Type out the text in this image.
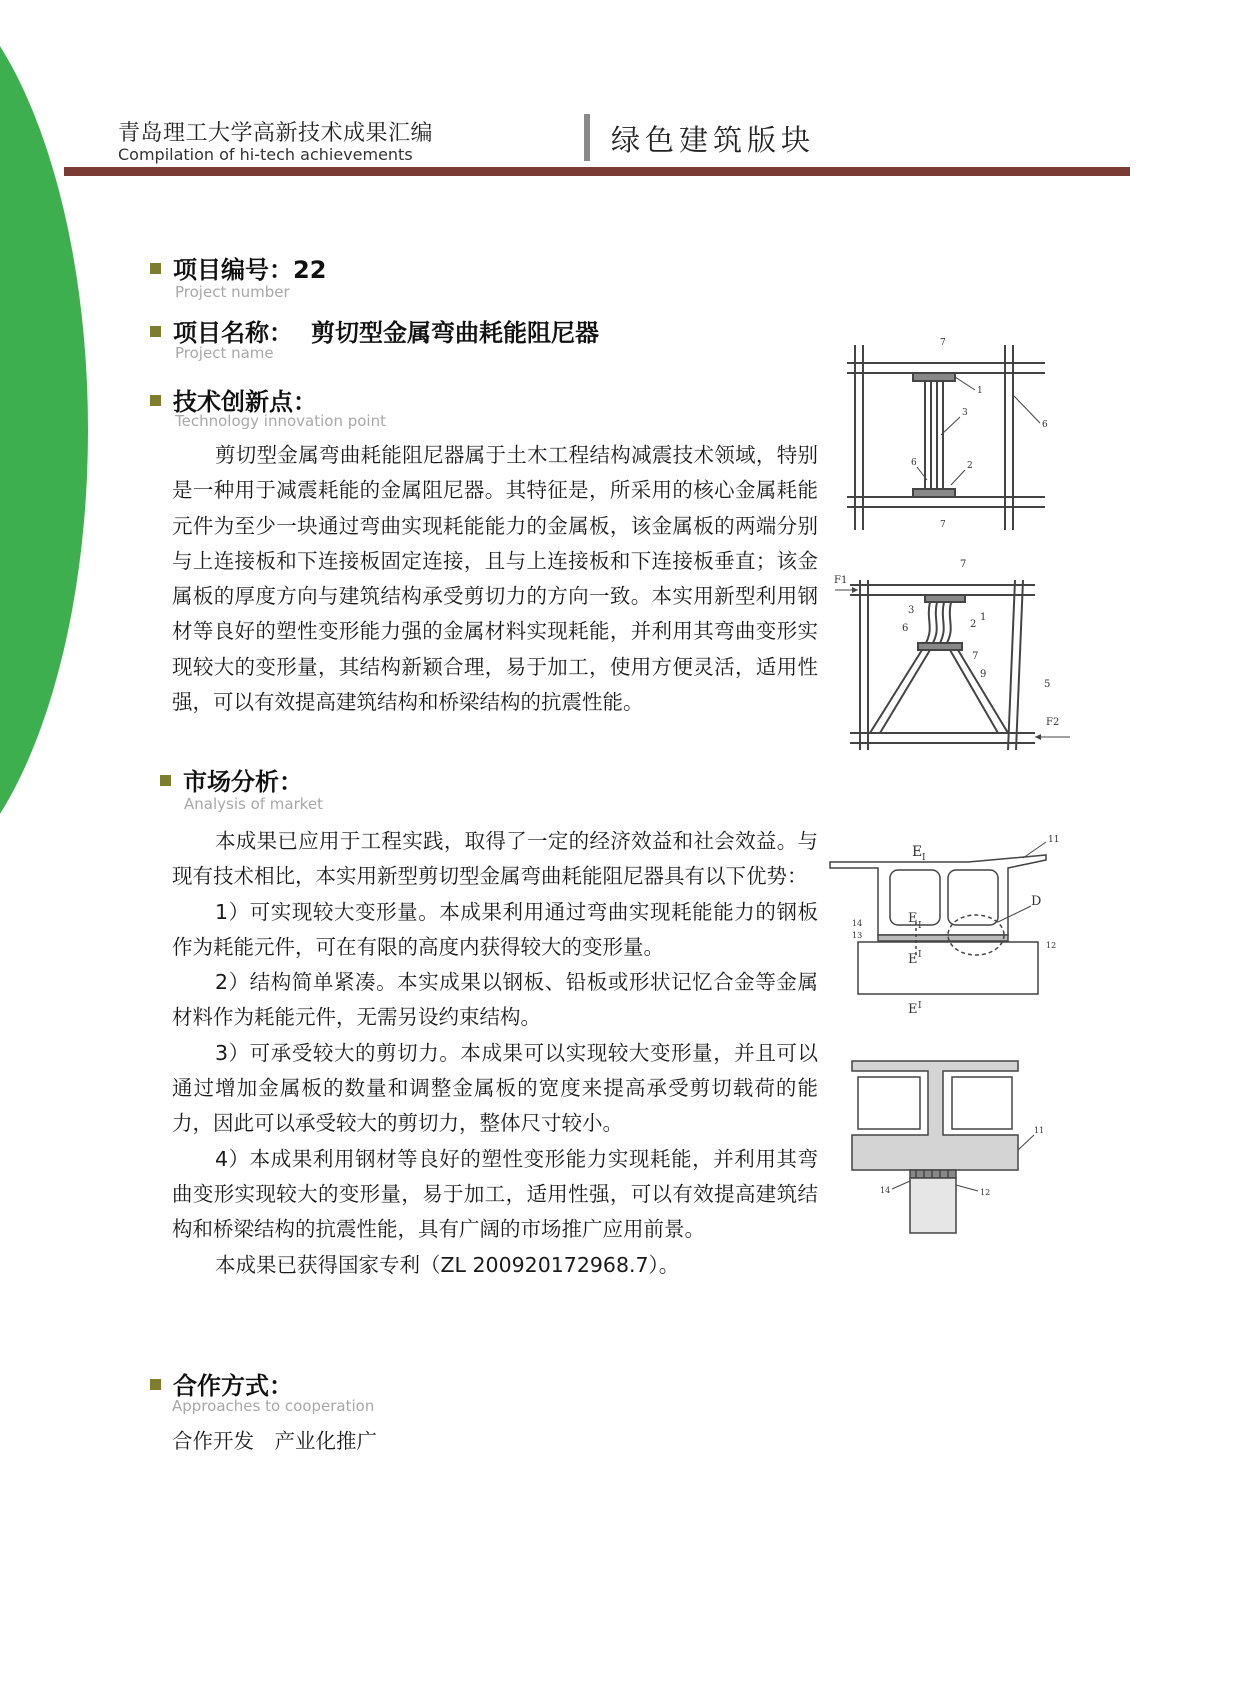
青岛理工大学高新技术成果汇编
Compilation of hi-tech achievements	绿色建筑版块
项目编号：22
Project number
项目名称： 剪切型金属弯曲耗能阻尼器
Project name
技术创新点：
Technology innovation point

剪切型金属弯曲耗能阻尼器属于土木工程结构减震技术领域，特别是一种用于减震耗能的金属阻尼器。其特征是，所采用的核心金属耗能元件为至少一块通过弯曲实现耗能能力的金属板，该金属板的两端分别与上连接板和下连接板固定连接，且与上连接板和下连接板垂直；该金属板的厚度方向与建筑结构承受剪切力的方向一致。本实用新型利用钢材等良好的塑性变形能力强的金属材料实现耗能，并利用其弯曲变形实现较大的变形量，其结构新颖合理，易于加工，使用方便灵活，适用性强，可以有效提高建筑结构和桥梁结构的抗震性能。

市场分析：
Analysis of market

本成果已应用于工程实践，取得了一定的经济效益和社会效益。与现有技术相比，本实用新型剪切型金属弯曲耗能阻尼器具有以下优势：

1）可实现较大变形量。本成果利用通过弯曲实现耗能能力的钢板作为耗能元件，可在有限的高度内获得较大的变形量。

2）结构简单紧凑。本实成果以钢板、铅板或形状记忆合金等金属材料作为耗能元件，无需另设约束结构。

3）可承受较大的剪切力。本成果可以实现较大变形量，并且可以通过增加金属板的数量和调整金属板的宽度来提高承受剪切载荷的能力，因此可以承受较大的剪切力，整体尺寸较小。

4）本成果利用钢材等良好的塑性变形能力实现耗能，并利用其弯曲变形实现较大的变形量，易于加工，适用性强，可以有效提高建筑结构和桥梁结构的抗震性能，具有广阔的市场推广应用前景。

本成果已获得国家专利（ZL 200920172968.7）。

合作方式：
Approaches to cooperation
合作开发　产业化推广
7
1
3
6
6	2
7
F1
7
3
1
2
6
7
9
5
F2
E I
11
D
14
13
E I
E I
12
E I
11
14	12
